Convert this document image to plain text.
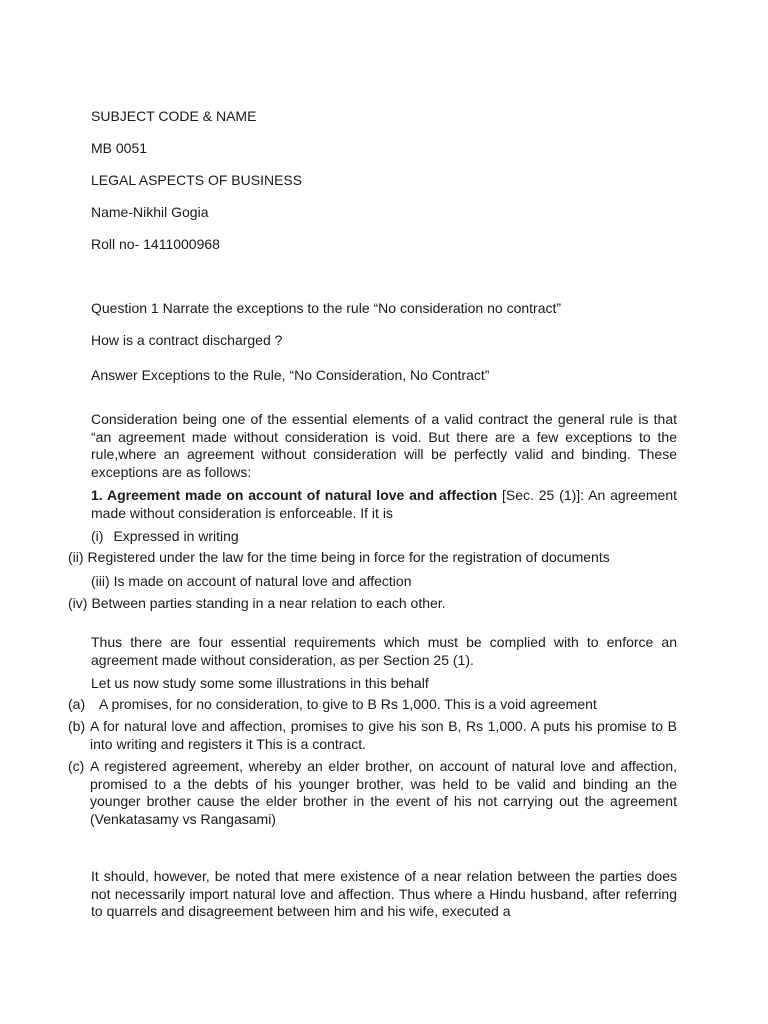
SUBJECT CODE & NAME
MB 0051
LEGAL ASPECTS OF BUSINESS
Name-Nikhil Gogia
Roll no- 1411000968
Question 1 Narrate the exceptions to the rule “No consideration no contract”
How is a contract discharged ?
Answer Exceptions to the Rule, “No Consideration, No Contract”
Consideration being one of the essential elements of a valid contract the general rule is that “an agreement made without consideration is void. But there are a few exceptions to the rule,where an agreement without consideration will be perfectly valid and binding. These exceptions are as follows:
1. Agreement made on account of natural love and affection [Sec. 25 (1)]: An agreement made without consideration is enforceable. If it is
(i) Expressed in writing
(ii) Registered under the law for the time being in force for the registration of documents
(iii) Is made on account of natural love and affection
(iv) Between parties standing in a near relation to each other.
Thus there are four essential requirements which must be complied with to enforce an agreement made without consideration, as per Section 25 (1).
Let us now study some some illustrations in this behalf
(a) A promises, for no consideration, to give to B Rs 1,000. This is a void agreement
(b) A for natural love and affection, promises to give his son B, Rs 1,000. A puts his promise to B into writing and registers it This is a contract.
(c) A registered agreement, whereby an elder brother, on account of natural love and affection, promised to a the debts of his younger brother, was held to be valid and binding an the younger brother cause the elder brother in the event of his not carrying out the agreement (Venkatasamy vs Rangasami)
It should, however, be noted that mere existence of a near relation between the parties does not necessarily import natural love and affection. Thus where a Hindu husband, after referring to quarrels and disagreement between him and his wife, executed a
